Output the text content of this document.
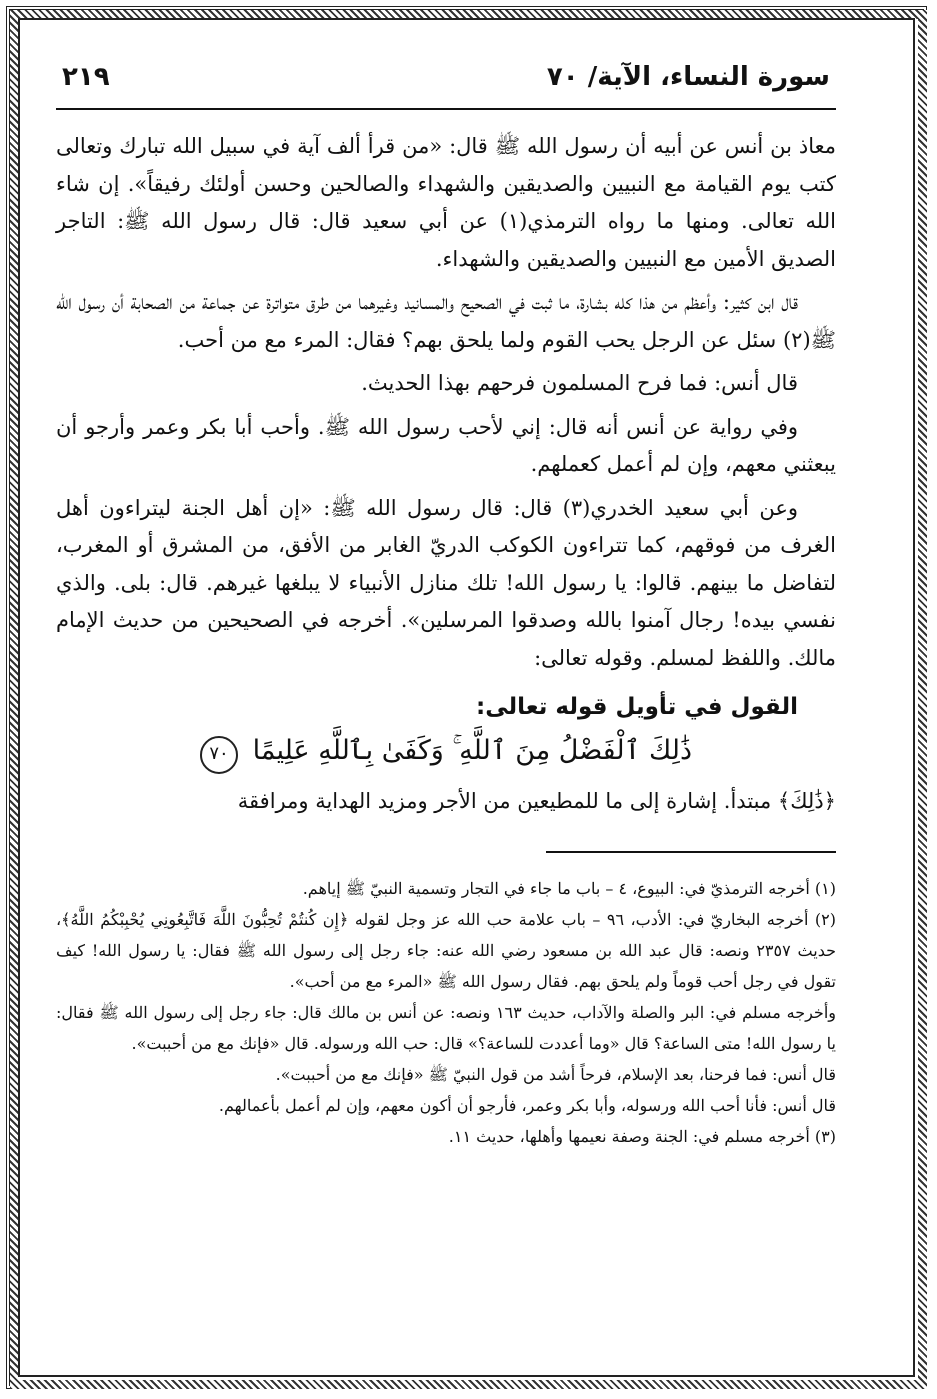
سورة النساء، الآية/ ٧٠
٢١٩

معاذ بن أنس عن أبيه أن رسول الله ﷺ قال: «من قرأ ألف آية في سبيل الله تبارك وتعالى كتب يوم القيامة مع النبيين والصديقين والشهداء والصالحين وحسن أولئك رفيقاً». إن شاء الله تعالى. ومنها ما رواه الترمذي(١) عن أبي سعيد قال: قال رسول الله ﷺ: التاجر الصديق الأمين مع النبيين والصديقين والشهداء.

قال ابن كثير: وأعظم من هذا كله بشارة، ما ثبت في الصحيح والمسانيد وغيرهما من طرق متواترة عن جماعة من الصحابة أن رسول الله ﷺ(٢) سئل عن الرجل يحب القوم ولما يلحق بهم؟ فقال: المرء مع من أحب.

قال أنس: فما فرح المسلمون فرحهم بهذا الحديث.

وفي رواية عن أنس أنه قال: إني لأحب رسول الله ﷺ. وأحب أبا بكر وعمر وأرجو أن يبعثني معهم، وإن لم أعمل كعملهم.

وعن أبي سعيد الخدري(٣) قال: قال رسول الله ﷺ: «إن أهل الجنة ليتراءون أهل الغرف من فوقهم، كما تتراءون الكوكب الدريّ الغابر من الأفق، من المشرق أو المغرب، لتفاضل ما بينهم. قالوا: يا رسول الله! تلك منازل الأنبياء لا يبلغها غيرهم. قال: بلى. والذي نفسي بيده! رجال آمنوا بالله وصدقوا المرسلين». أخرجه في الصحيحين من حديث الإمام مالك. واللفظ لمسلم. وقوله تعالى:

القول في تأويل قوله تعالى:
ذَٰلِكَ ٱلْفَضْلُ مِنَ ٱللَّهِ ۚ وَكَفَىٰ بِٱللَّهِ عَلِيمًا ٧٠

﴿ذَٰلِكَ﴾ مبتدأ. إشارة إلى ما للمطيعين من الأجر ومزيد الهداية ومرافقة

(١) أخرجه الترمذيّ في: البيوع، ٤ – باب ما جاء في التجار وتسمية النبيّ ﷺ إياهم.

(٢) أخرجه البخاريّ في: الأدب، ٩٦ – باب علامة حب الله عز وجل لقوله ﴿إِن كُنتُمْ تُحِبُّونَ اللَّهَ فَاتَّبِعُونِي يُحْبِبْكُمُ اللَّهُ﴾، حديث ٢٣٥٧ ونصه: قال عبد الله بن مسعود رضي الله عنه: جاء رجل إلى رسول الله ﷺ فقال: يا رسول الله! كيف تقول في رجل أحب قوماً ولم يلحق بهم. فقال رسول الله ﷺ «المرء مع من أحب».

وأخرجه مسلم في: البر والصلة والآداب، حديث ١٦٣ ونصه: عن أنس بن مالك قال: جاء رجل إلى رسول الله ﷺ فقال: يا رسول الله! متى الساعة؟ قال «وما أعددت للساعة؟» قال: حب الله ورسوله. قال «فإنك مع من أحببت».

قال أنس: فما فرحنا، بعد الإسلام، فرحاً أشد من قول النبيّ ﷺ «فإنك مع من أحببت».

قال أنس: فأنا أحب الله ورسوله، وأبا بكر وعمر، فأرجو أن أكون معهم، وإن لم أعمل بأعمالهم.

(٣) أخرجه مسلم في: الجنة وصفة نعيمها وأهلها، حديث ١١.
